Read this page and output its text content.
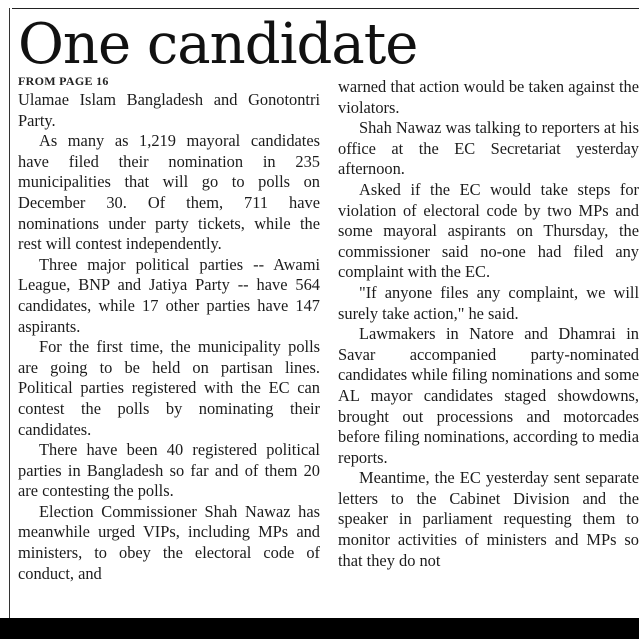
One candidate
FROM PAGE 16

Ulamae Islam Bangladesh and Gonotontri Party.

As many as 1,219 mayoral candidates have filed their nomination in 235 municipalities that will go to polls on December 30. Of them, 711 have nominations under party tickets, while the rest will contest independently.

Three major political parties -- Awami League, BNP and Jatiya Party -- have 564 candidates, while 17 other parties have 147 aspirants.

For the first time, the municipality polls are going to be held on partisan lines. Political parties registered with the EC can contest the polls by nominating their candidates.

There have been 40 registered political parties in Bangladesh so far and of them 20 are contesting the polls.

Election Commissioner Shah Nawaz has meanwhile urged VIPs, including MPs and ministers, to obey the electoral code of conduct, and

warned that action would be taken against the violators.

Shah Nawaz was talking to reporters at his office at the EC Secretariat yesterday afternoon.

Asked if the EC would take steps for violation of electoral code by two MPs and some mayoral aspirants on Thursday, the commissioner said no-one had filed any complaint with the EC.

"If anyone files any complaint, we will surely take action," he said.

Lawmakers in Natore and Dhamrai in Savar accompanied party-nominated candidates while filing nominations and some AL mayor candidates staged showdowns, brought out processions and motorcades before filing nominations, according to media reports.

Meantime, the EC yesterday sent separate letters to the Cabinet Division and the speaker in parliament requesting them to monitor activities of ministers and MPs so that they do not
